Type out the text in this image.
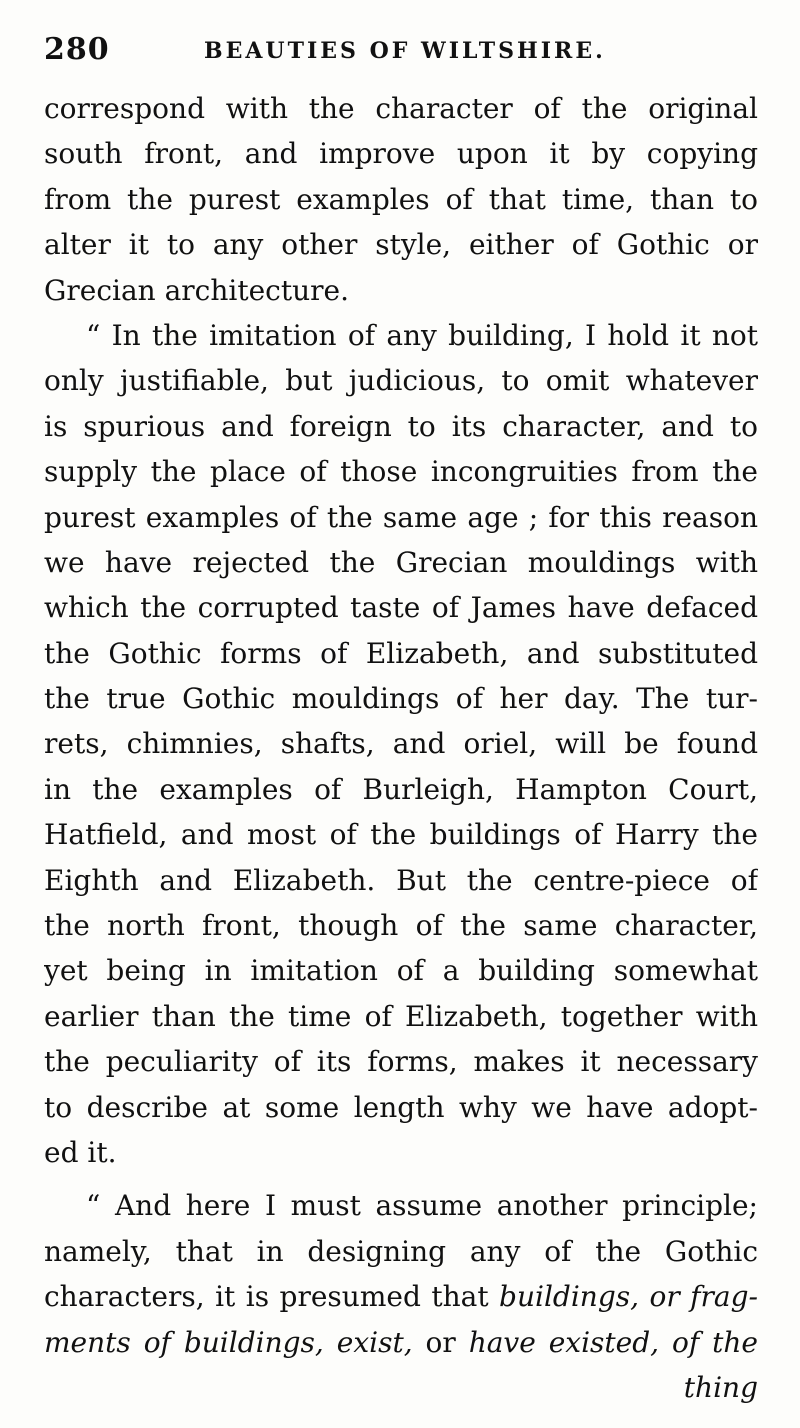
280	BEAUTIES OF WILTSHIRE.
correspond with the character of the original
south front, and improve upon it by copying
from the purest examples of that time, than to
alter it to any other style, either of Gothic or
Grecian architecture.
“ In the imitation of any building, I hold it not
only justifiable, but judicious, to omit whatever
is spurious and foreign to its character, and to
supply the place of those incongruities from the
purest examples of the same age ; for this reason
we have rejected the Grecian mouldings with
which the corrupted taste of James have defaced
the Gothic forms of Elizabeth, and substituted
the true Gothic mouldings of her day. The tur-
rets, chimnies, shafts, and oriel, will be found
in the examples of Burleigh, Hampton Court,
Hatfield, and most of the buildings of Harry the
Eighth and Elizabeth. But the centre-piece of
the north front, though of the same character,
yet being in imitation of a building somewhat
earlier than the time of Elizabeth, together with
the peculiarity of its forms, makes it necessary
to describe at some length why we have adopt-
ed it.
“ And here I must assume another principle;
namely, that in designing any of the Gothic
characters, it is presumed that buildings, or frag-
ments of buildings, exist, or have existed, of the
thing
